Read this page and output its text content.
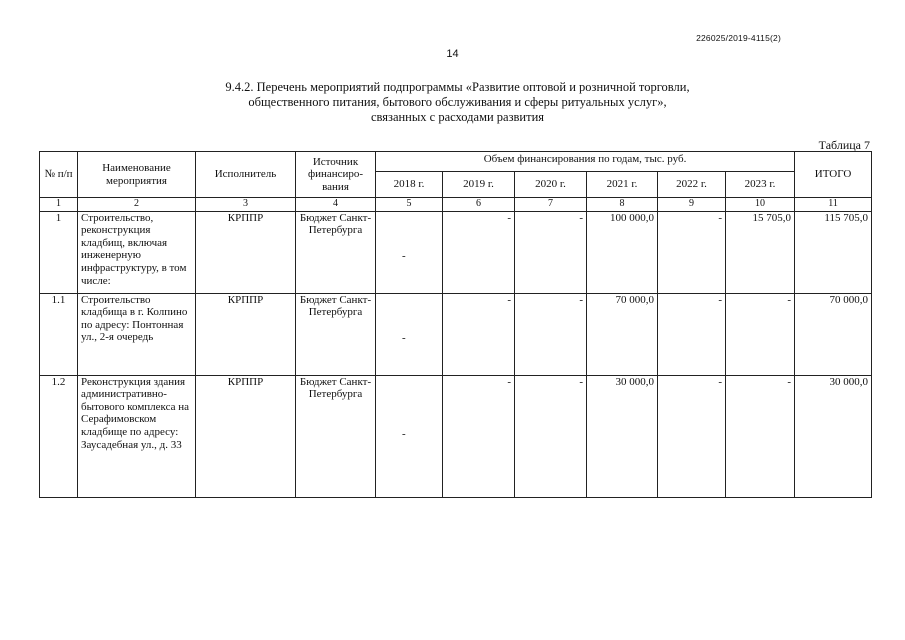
226025/2019-4115(2)
14
9.4.2. Перечень мероприятий подпрограммы «Развитие оптовой и розничной торговли,
общественного питания, бытового обслуживания и сферы ритуальных услуг»,
связанных с расходами развития
Таблица 7
№ п/п	Наименование мероприятия	Исполнитель	Источник финансиро-вания	Объем финансирования по годам, тыс. руб.						ИТОГО
				2018 г.	2019 г.	2020 г.	2021 г.	2022 г.	2023 г.	
1	2	3	4	5	6	7	8	9	10	11
1	Строительство, реконструкция кладбищ, включая инженерную инфраструктуру, в том числе:	КРППР	Бюджет Санкт-Петербурга	-	-	-	100 000,0	-	15 705,0	115 705,0
1.1	Строительство кладбища в г. Колпино по адресу: Понтонная ул., 2-я очередь	КРППР	Бюджет Санкт-Петербурга	-	-	-	70 000,0	-	-	70 000,0
1.2	Реконструкция здания административно-бытового комплекса на Серафимовском кладбище по адресу: Заусадебная ул., д. 33	КРППР	Бюджет Санкт-Петербурга	-	-	-	30 000,0	-	-	30 000,0
